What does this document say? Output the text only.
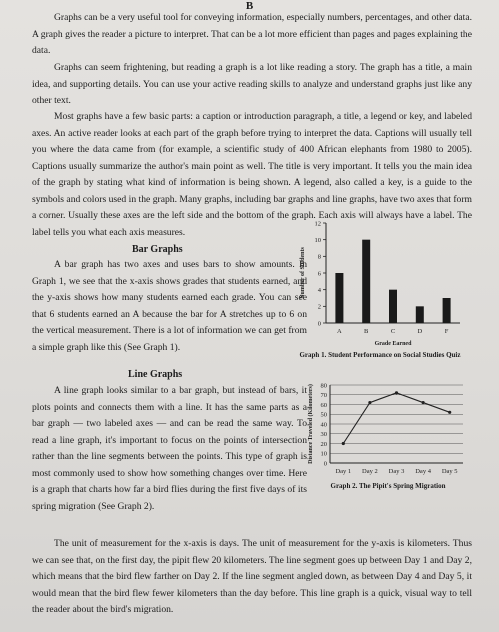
B

Graphs can be a very useful tool for conveying information, especially numbers, percentages, and other data. A graph gives the reader a picture to interpret. That can be a lot more efficient than pages and pages explaining the data.

Graphs can seem frightening, but reading a graph is a lot like reading a story. The graph has a title, a main idea, and supporting details. You can use your active reading skills to analyze and understand graphs just like any other text.

Most graphs have a few basic parts: a caption or introduction paragraph, a title, a legend or key, and labeled axes. An active reader looks at each part of the graph before trying to interpret the data. Captions will usually tell you where the data came from (for example, a scientific study of 400 African elephants from 1980 to 2005). Captions usually summarize the author's main point as well. The title is very important. It tells you the main idea of the graph by stating what kind of information is being shown. A legend, also called a key, is a guide to the symbols and colors used in the graph. Many graphs, including bar graphs and line graphs, have two axes that form a corner. Usually these axes are the left side and the bottom of the graph. Each axis will always have a label. The label tells you what each axis measures.

Bar Graphs

A bar graph has two axes and uses bars to show amounts. In Graph 1, we see that the x-axis shows grades that students earned, and the y-axis shows how many students earned each grade. You can see that 6 students earned an A because the bar for A stretches up to 6 on the vertical measurement. There is a lot of information we can get from a simple graph like this (See Graph 1).

0
2
4
6
8
10
12
A	B	C	D	F
Grade Earned
Number of Students
Graph 1. Student Performance on Social Studies Quiz
Line Graphs

A line graph looks similar to a bar graph, but instead of bars, it plots points and connects them with a line. It has the same parts as a bar graph — two labeled axes — and can be read the same way. To read a line graph, it's important to focus on the points of intersection rather than the line segments between the points. This type of graph is most commonly used to show how something changes over time. Here is a graph that charts how far a bird flies during the first five days of its spring migration (See Graph 2).

0
10
20
30
40
50
60
70
80
Day 1 Day 2 Day 3 Day 4 Day 5
Distance Traveled (Kilometers)
Graph 2. The Pipit's Spring Migration

The unit of measurement for the x-axis is days. The unit of measurement for the y-axis is kilometers. Thus we can see that, on the first day, the pipit flew 20 kilometers. The line segment goes up between Day 1 and Day 2, which means that the bird flew farther on Day 2. If the line segment angled down, as between Day 4 and Day 5, it would mean that the bird flew fewer kilometers than the day before. This line graph is a quick, visual way to tell the reader about the bird's migration.
